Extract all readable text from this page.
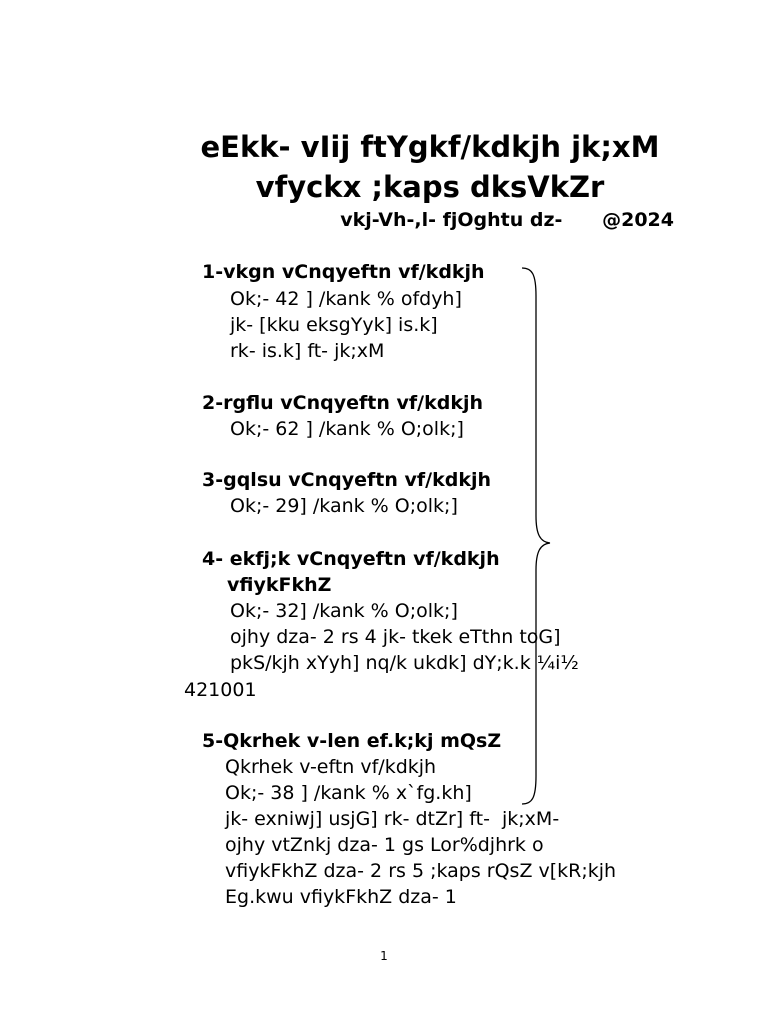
eEkk- vIij ftYgkf/kdkjh jk;xM
vfyckx ;kaps dksVkZr
vkj-Vh-,l- fjOghtu dz-      @2024
1-vkgn vCnqyeftn vf/kdkjh
Ok;- 42 ] /kank % ofdyh]
jk- [kku eksgYyk] is.k]
rk- is.k] ft- jk;xM
2-rgflu vCnqyeftn vf/kdkjh
Ok;- 62 ] /kank % O;olk;]
3-gqlsu vCnqyeftn vf/kdkjh
Ok;- 29] /kank % O;olk;]
4- ekfj;k vCnqyeftn vf/kdkjh
vfiykFkhZ
Ok;- 32] /kank % O;olk;]
ojhy dza- 2 rs 4 jk- tkek eTthn toG]
pkS/kjh xYyh] nq/k ukdk] dY;k.k ¼i½
421001
5-Qkrhek v-len ef.k;kj mQsZ
Qkrhek v-eftn vf/kdkjh
Ok;- 38 ] /kank % x`fg.kh]
jk- exniwj] usjG] rk- dtZr] ft-  jk;xM-
ojhy vtZnkj dza- 1 gs Lor%djhrk o
vfiykFkhZ dza- 2 rs 5 ;kaps rQsZ v[kR;kjh
Eg.kwu vfiykFkhZ dza- 1
1
